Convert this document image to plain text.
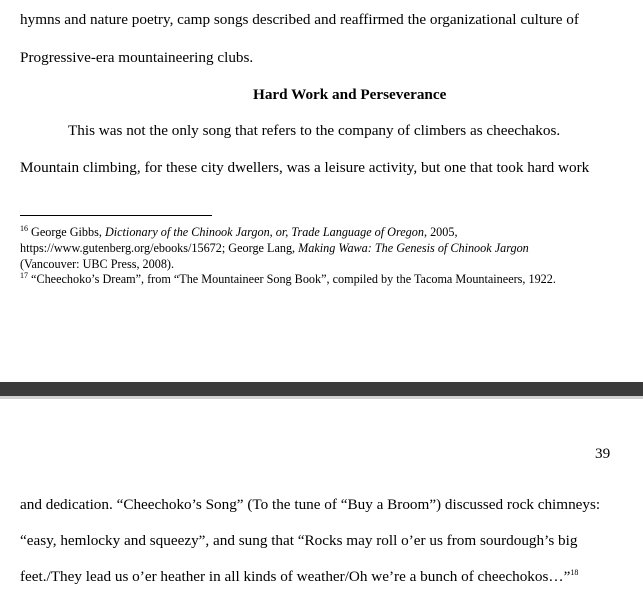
hymns and nature poetry, camp songs described and reaffirmed the organizational culture of
Progressive-era mountaineering clubs.
Hard Work and Perseverance
This was not the only song that refers to the company of climbers as cheechakos.
Mountain climbing, for these city dwellers, was a leisure activity, but one that took hard work
$^{16}$ George Gibbs, Dictionary of the Chinook Jargon, or, Trade Language of Oregon, 2005,
https://www.gutenberg.org/ebooks/15672; George Lang, Making Wawa: The Genesis of Chinook Jargon
(Vancouver: UBC Press, 2008).
$^{17}$ “Cheechoko’s Dream”, from “The Mountaineer Song Book”, compiled by the Tacoma Mountaineers, 1922.
39
and dedication. “Cheechoko’s Song” (To the tune of “Buy a Broom”) discussed rock chimneys:
“easy, hemlocky and squeezy”, and sung that “Rocks may roll o’er us from sourdough’s big
feet./They lead us o’er heather in all kinds of weather/Oh we’re a bunch of cheechokos…”$^{18}$
